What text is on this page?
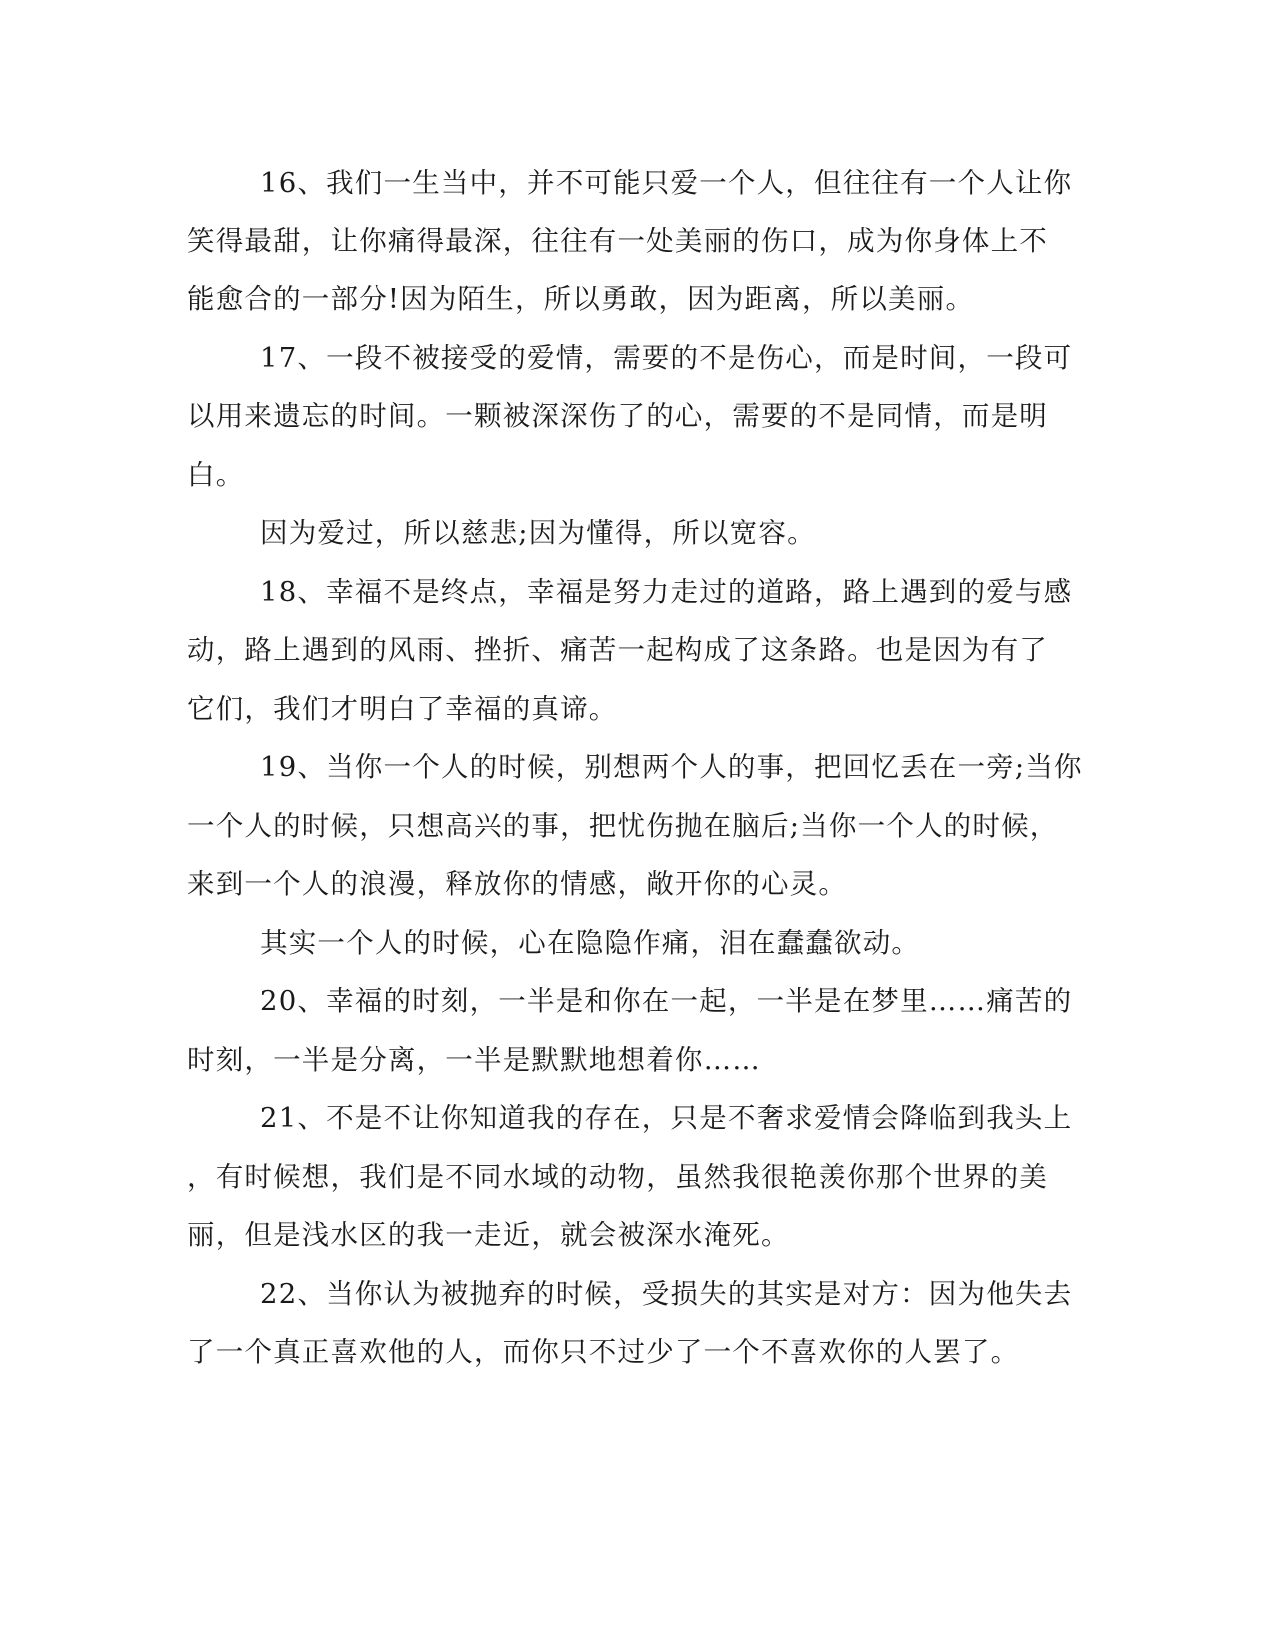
16、我们一生当中，并不可能只爱一个人，但往往有一个人让你
笑得最甜，让你痛得最深，往往有一处美丽的伤口，成为你身体上不
能愈合的一部分!因为陌生，所以勇敢，因为距离，所以美丽。
17、一段不被接受的爱情，需要的不是伤心，而是时间，一段可
以用来遗忘的时间。一颗被深深伤了的心，需要的不是同情，而是明
白。
因为爱过，所以慈悲;因为懂得，所以宽容。
18、幸福不是终点，幸福是努力走过的道路，路上遇到的爱与感
动，路上遇到的风雨、挫折、痛苦一起构成了这条路。也是因为有了
它们，我们才明白了幸福的真谛。
19、当你一个人的时候，别想两个人的事，把回忆丢在一旁;当你
一个人的时候，只想高兴的事，把忧伤抛在脑后;当你一个人的时候，
来到一个人的浪漫，释放你的情感，敞开你的心灵。
其实一个人的时候，心在隐隐作痛，泪在蠢蠢欲动。
20、幸福的时刻，一半是和你在一起，一半是在梦里……痛苦的
时刻，一半是分离，一半是默默地想着你……
21、不是不让你知道我的存在，只是不奢求爱情会降临到我头上
，有时候想，我们是不同水域的动物，虽然我很艳羡你那个世界的美
丽，但是浅水区的我一走近，就会被深水淹死。
22、当你认为被抛弃的时候，受损失的其实是对方：因为他失去
了一个真正喜欢他的人，而你只不过少了一个不喜欢你的人罢了。
